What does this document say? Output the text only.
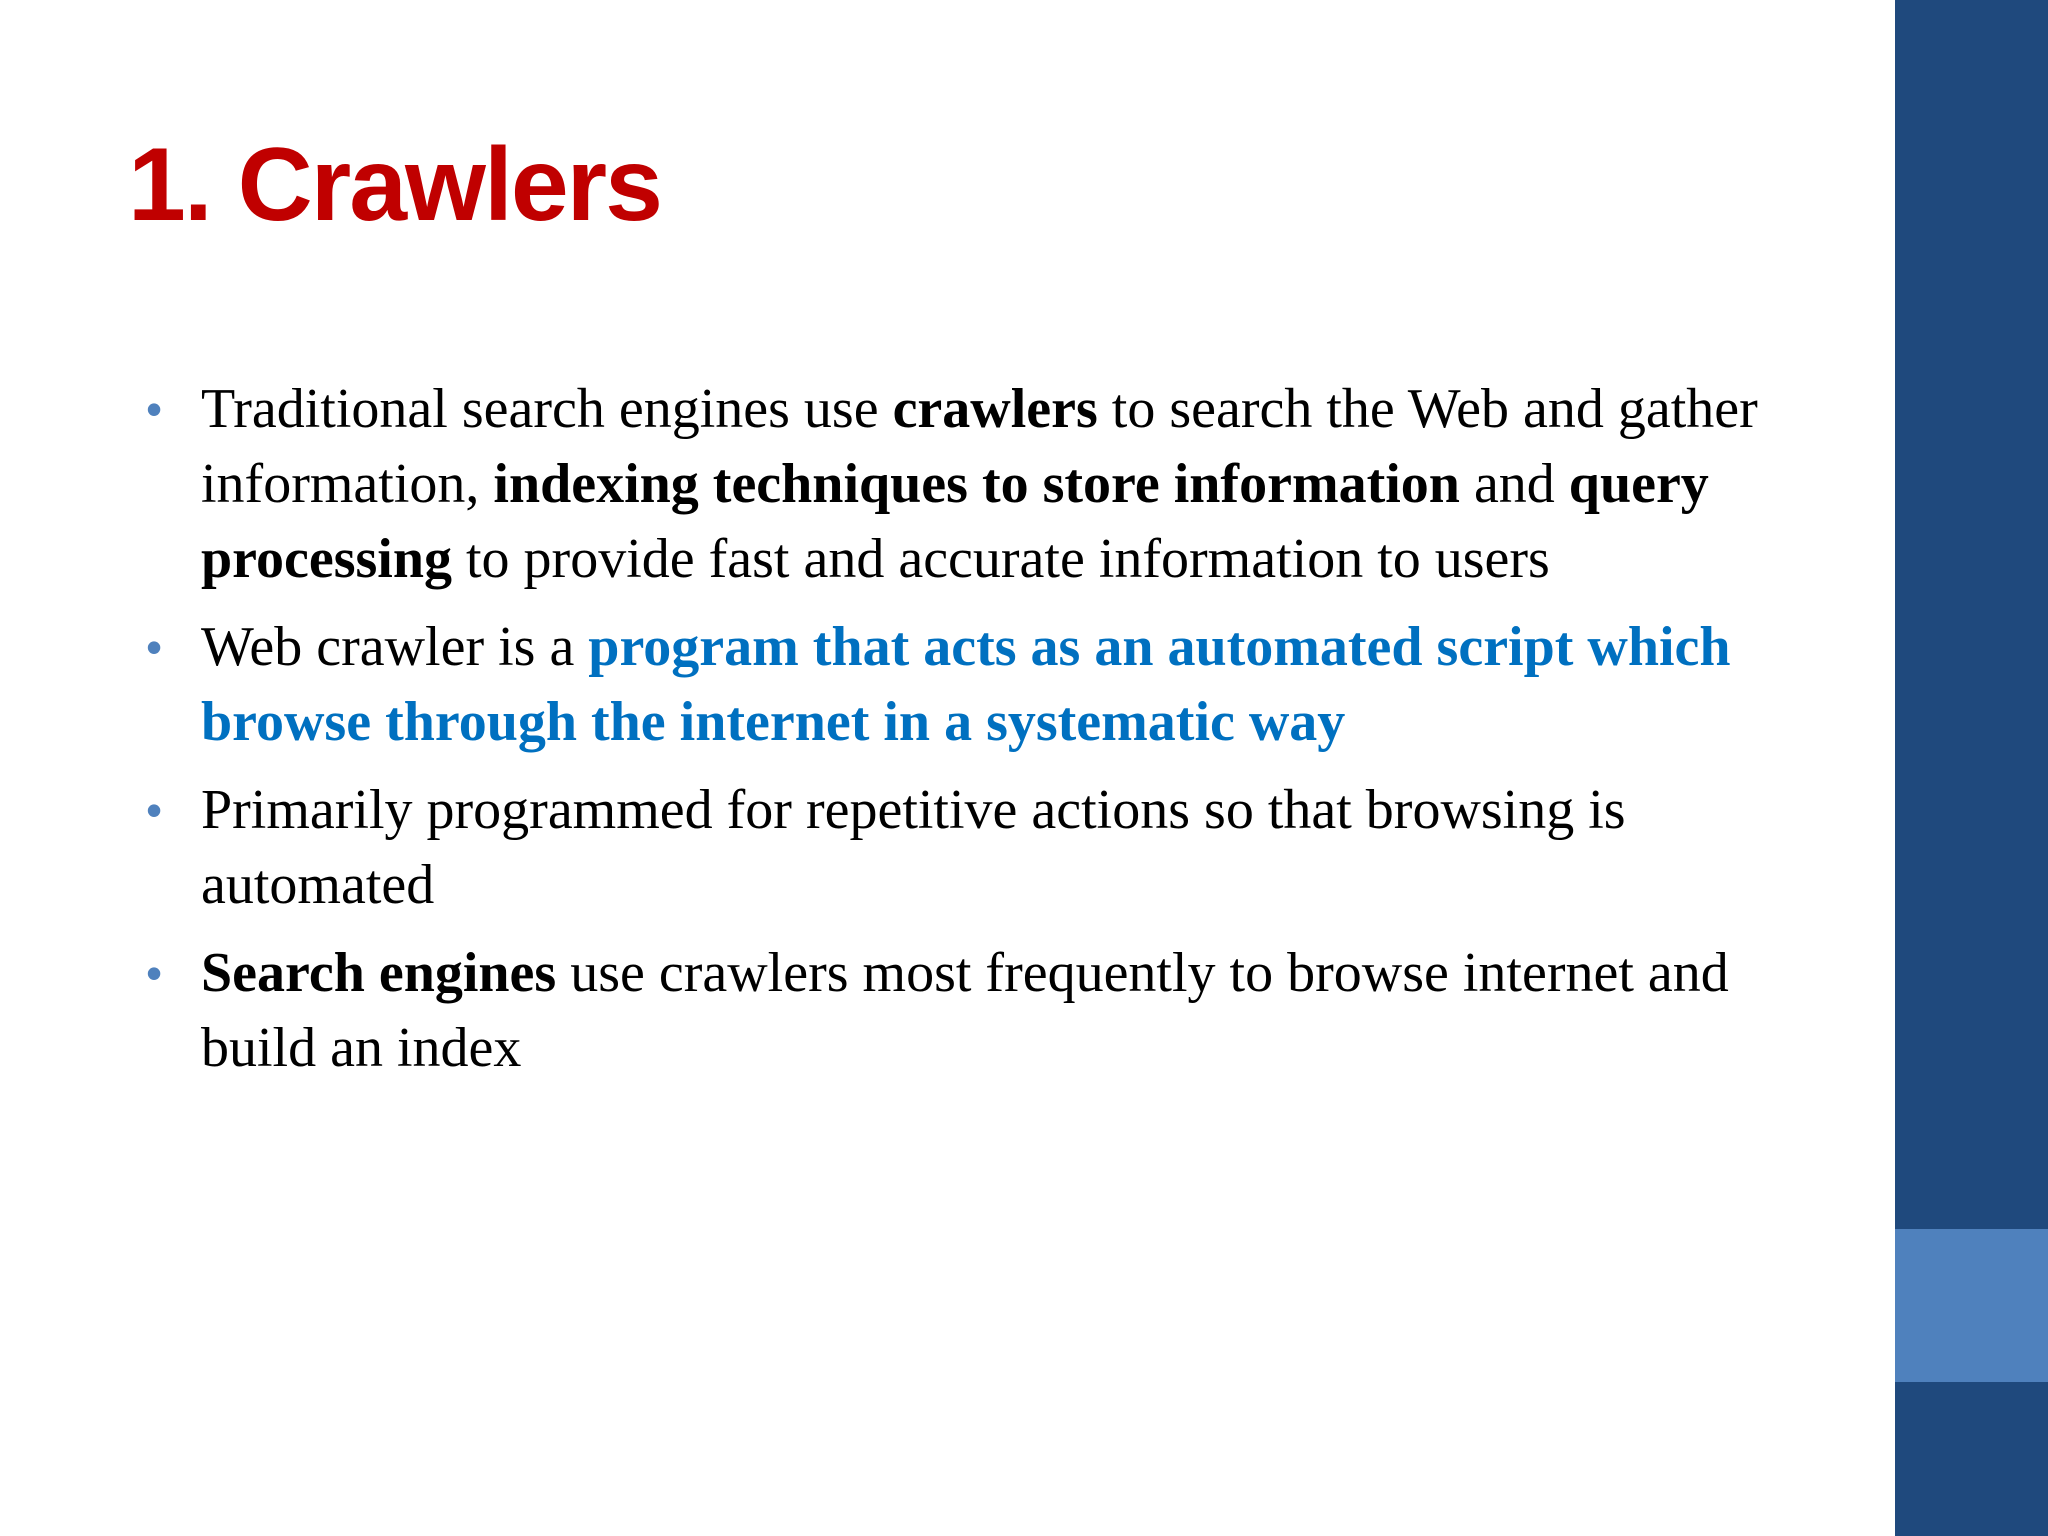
1. Crawlers
• Traditional search engines use crawlers to search the Web and gather information, indexing techniques to store information and query processing to provide fast and accurate information to users
• Web crawler is a program that acts as an automated script which browse through the internet in a systematic way
• Primarily programmed for repetitive actions so that browsing is automated
• Search engines use crawlers most frequently to browse internet and build an index
